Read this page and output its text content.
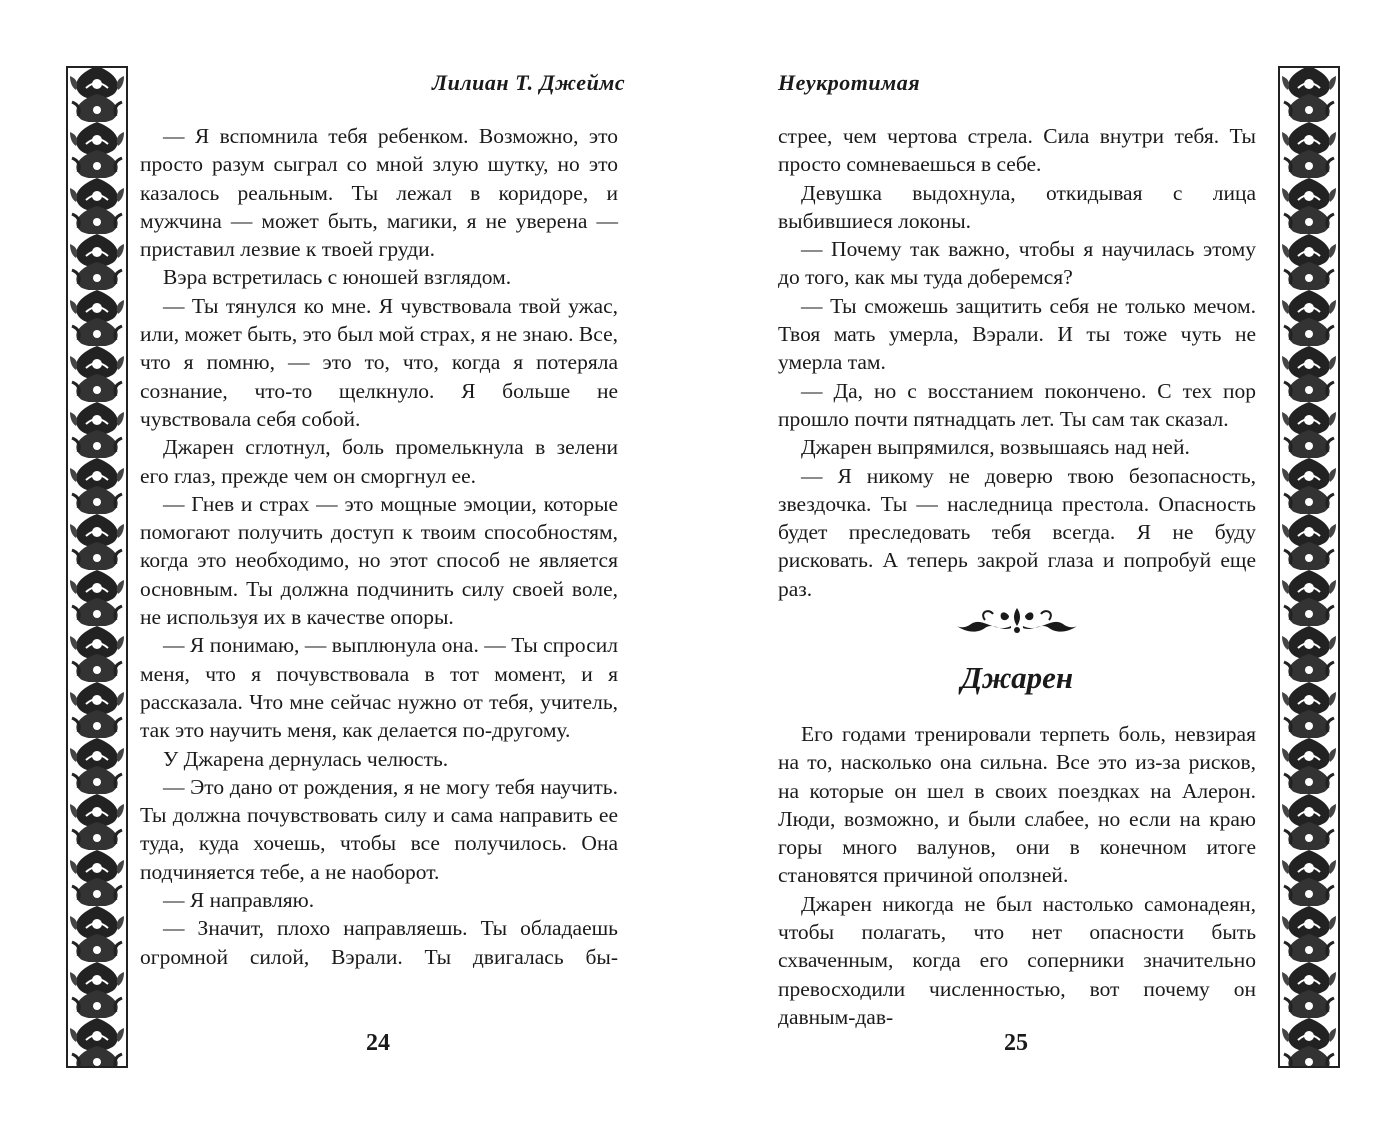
Лилиан Т. Джеймс	Неукротимая

— Я вспомнила тебя ребенком. Возможно, это просто разум сыграл со мной злую шутку, но это казалось реальным. Ты лежал в коридоре, и мужчина — может быть, магики, я не уверена — приставил лезвие к твоей груди.

Вэра встретилась с юношей взглядом.

— Ты тянулся ко мне. Я чувствовала твой ужас, или, может быть, это был мой страх, я не знаю. Все, что я помню, — это то, что, когда я потеряла сознание, что-то щелкнуло. Я больше не чувствовала себя собой.

Джарен сглотнул, боль промелькнула в зелени его глаз, прежде чем он сморгнул ее.

— Гнев и страх — это мощные эмоции, которые помогают получить доступ к твоим способностям, когда это необходимо, но этот способ не является основным. Ты должна подчинить силу своей воле, не используя их в качестве опоры.

— Я понимаю, — выплюнула она. — Ты спросил меня, что я почувствовала в тот момент, и я рассказала. Что мне сейчас нужно от тебя, учитель, так это научить меня, как делается по-другому.

У Джарена дернулась челюсть.

— Это дано от рождения, я не могу тебя научить. Ты должна почувствовать силу и сама направить ее туда, куда хочешь, чтобы все получилось. Она подчиняется тебе, а не наоборот.

— Я направляю.

— Значит, плохо направляешь. Ты обладаешь огромной силой, Вэрали. Ты двигалась бы-

стрее, чем чертова стрела. Сила внутри тебя. Ты просто сомневаешься в себе.

Девушка выдохнула, откидывая с лица выбившиеся локоны.

— Почему так важно, чтобы я научилась этому до того, как мы туда доберемся?

— Ты сможешь защитить себя не только мечом. Твоя мать умерла, Вэрали. И ты тоже чуть не умерла там.

— Да, но с восстанием покончено. С тех пор прошло почти пятнадцать лет. Ты сам так сказал.

Джарен выпрямился, возвышаясь над ней.

— Я никому не доверю твою безопасность, звездочка. Ты — наследница престола. Опасность будет преследовать тебя всегда. Я не буду рисковать. А теперь закрой глаза и попробуй еще раз.

Джарен

Его годами тренировали терпеть боль, невзирая на то, насколько она сильна. Все это из-за рисков, на которые он шел в своих поездках на Алерон. Люди, возможно, и были слабее, но если на краю горы много валунов, они в конечном итоге становятся причиной оползней.

Джарен никогда не был настолько самонадеян, чтобы полагать, что нет опасности быть схваченным, когда его соперники значительно превосходили численностью, вот почему он давным-дав-

24	25
